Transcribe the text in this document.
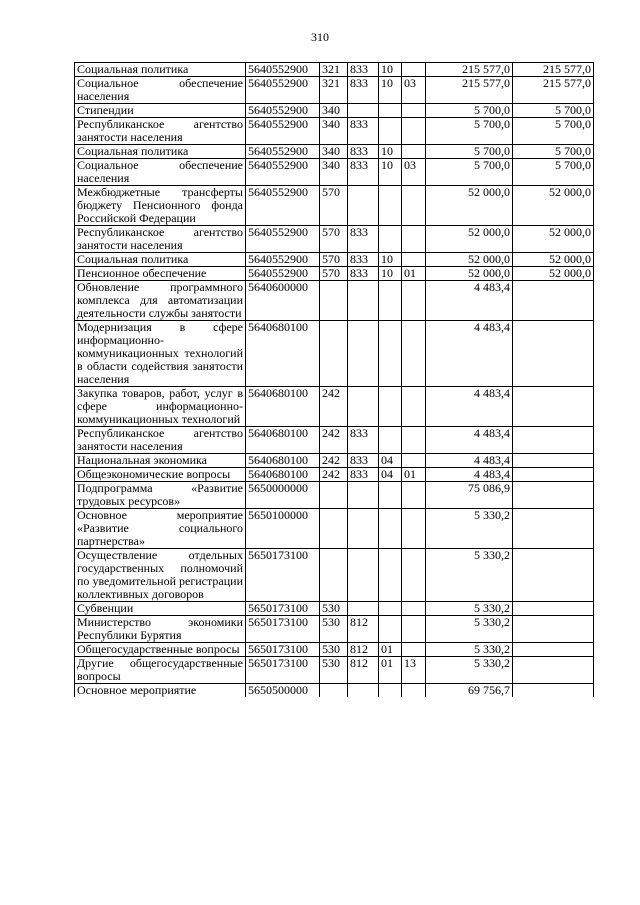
310
Социальная политика	5640552900	321	833	10		215 577,0	215 577,0
Социальное обеспечение населения	5640552900	321	833	10	03	215 577,0	215 577,0
Стипендии	5640552900	340				5 700,0	5 700,0
Республиканское агентство занятости населения	5640552900	340	833			5 700,0	5 700,0
Социальная политика	5640552900	340	833	10		5 700,0	5 700,0
Социальное обеспечение населения	5640552900	340	833	10	03	5 700,0	5 700,0
Межбюджетные трансферты бюджету Пенсионного фонда Российской Федерации	5640552900	570				52 000,0	52 000,0
Республиканское агентство занятости населения	5640552900	570	833			52 000,0	52 000,0
Социальная политика	5640552900	570	833	10		52 000,0	52 000,0
Пенсионное обеспечение	5640552900	570	833	10	01	52 000,0	52 000,0
Обновление программного комплекса для автоматизации деятельности службы занятости	5640600000					4 483,4	
Модернизация в сфере информационно-коммуникационных технологий в области содействия занятости населения	5640680100					4 483,4	
Закупка товаров, работ, услуг в сфере информационно-коммуникационных технологий	5640680100	242				4 483,4	
Республиканское агентство занятости населения	5640680100	242	833			4 483,4	
Национальная экономика	5640680100	242	833	04		4 483,4	
Общеэкономические вопросы	5640680100	242	833	04	01	4 483,4	
Подпрограмма «Развитие трудовых ресурсов»	5650000000					75 086,9	
Основное мероприятие «Развитие социального партнерства»	5650100000					5 330,2	
Осуществление отдельных государственных полномочий по уведомительной регистрации коллективных договоров	5650173100					5 330,2	
Субвенции	5650173100	530				5 330,2	
Министерство экономики Республики Бурятия	5650173100	530	812			5 330,2	
Общегосударственные вопросы	5650173100	530	812	01		5 330,2	
Другие общегосударственные вопросы	5650173100	530	812	01	13	5 330,2	
Основное мероприятие	5650500000					69 756,7	
